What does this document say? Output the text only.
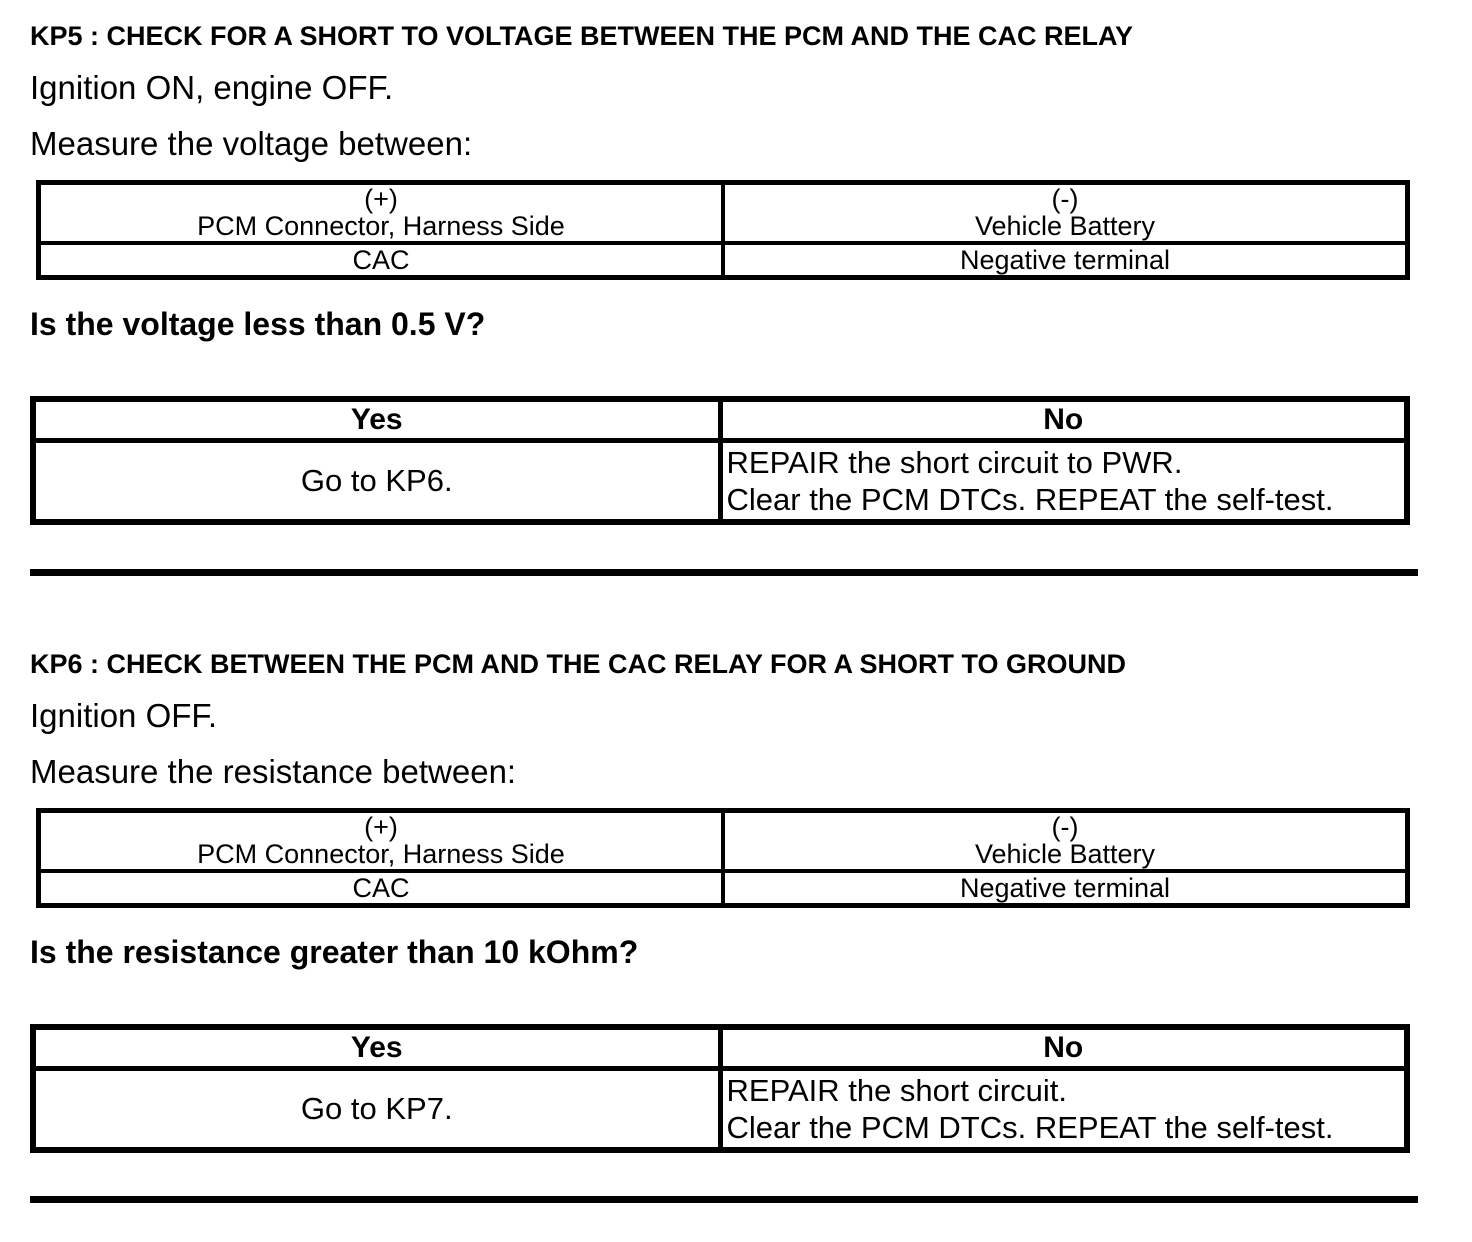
KP5 : CHECK FOR A SHORT TO VOLTAGE BETWEEN THE PCM AND THE CAC RELAY

Ignition ON, engine OFF.

Measure the voltage between:

(+)
PCM Connector, Harness Side

(-)
Vehicle Battery

CAC	Negative terminal

Is the voltage less than 0.5 V?

Yes	No
Go to KP6.	REPAIR the short circuit to PWR.
Clear the PCM DTCs. REPEAT the self-test.
KP6 : CHECK BETWEEN THE PCM AND THE CAC RELAY FOR A SHORT TO GROUND

Ignition OFF.

Measure the resistance between:

(+)
PCM Connector, Harness Side

(-)
Vehicle Battery

CAC	Negative terminal

Is the resistance greater than 10 kOhm?

Yes	No
Go to KP7.	REPAIR the short circuit.
Clear the PCM DTCs. REPEAT the self-test.
